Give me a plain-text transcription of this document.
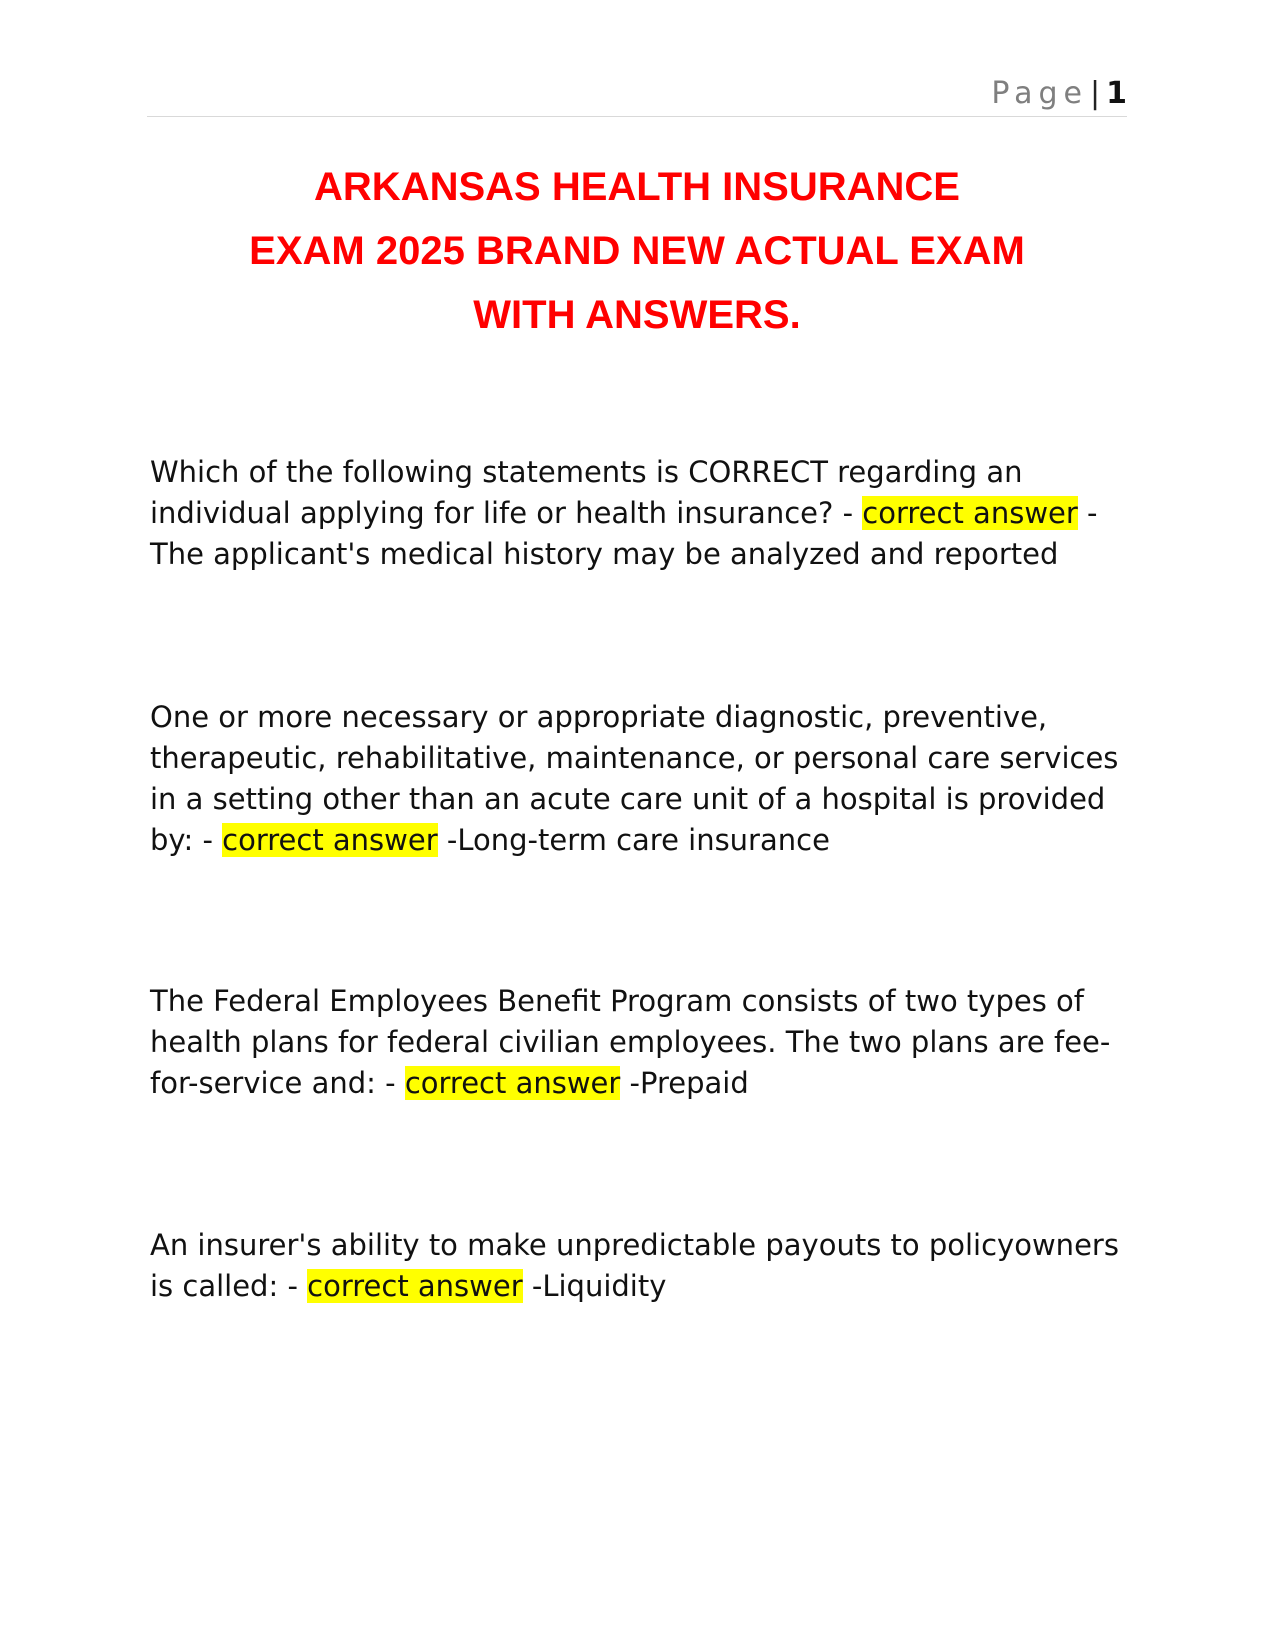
Page| 1
ARKANSAS HEALTH INSURANCE
EXAM 2025 BRAND NEW ACTUAL EXAM
WITH ANSWERS.

Which of the following statements is CORRECT regarding an individual applying for life or health insurance? - correct answer -The applicant's medical history may be analyzed and reported

One or more necessary or appropriate diagnostic, preventive, therapeutic, rehabilitative, maintenance, or personal care services in a setting other than an acute care unit of a hospital is provided by: - correct answer -Long-term care insurance

The Federal Employees Benefit Program consists of two types of health plans for federal civilian employees. The two plans are fee-for-service and: - correct answer -Prepaid

An insurer's ability to make unpredictable payouts to policyowners is called: - correct answer -Liquidity
